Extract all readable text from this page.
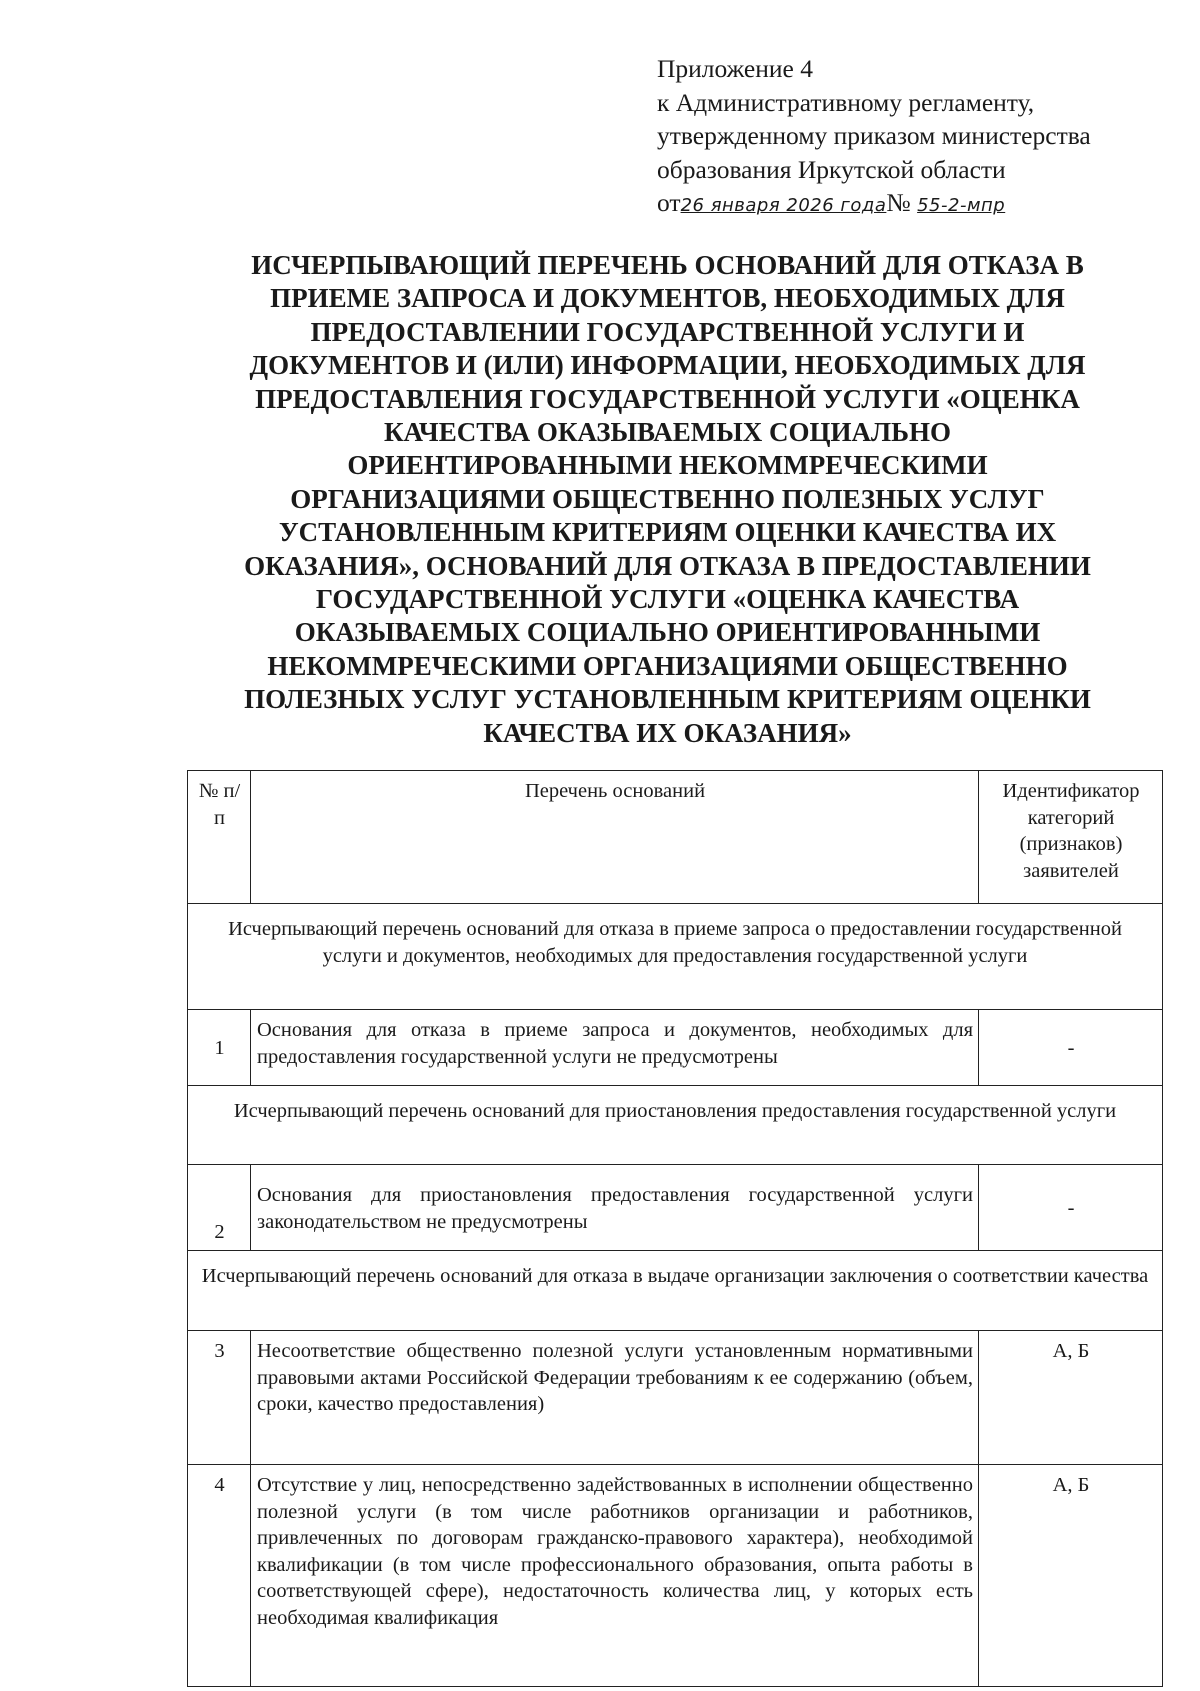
Приложение 4
к Административному регламенту,
утвержденному приказом министерства
образования Иркутской области
от26 января 2026 года№ 55-2-мпр
ИСЧЕРПЫВАЮЩИЙ ПЕРЕЧЕНЬ ОСНОВАНИЙ ДЛЯ ОТКАЗА В
ПРИЕМЕ ЗАПРОСА И ДОКУМЕНТОВ, НЕОБХОДИМЫХ ДЛЯ
ПРЕДОСТАВЛЕНИИ ГОСУДАРСТВЕННОЙ УСЛУГИ И
ДОКУМЕНТОВ И (ИЛИ) ИНФОРМАЦИИ, НЕОБХОДИМЫХ ДЛЯ
ПРЕДОСТАВЛЕНИЯ ГОСУДАРСТВЕННОЙ УСЛУГИ «ОЦЕНКА
КАЧЕСТВА ОКАЗЫВАЕМЫХ СОЦИАЛЬНО
ОРИЕНТИРОВАННЫМИ НЕКОММРЕЧЕСКИМИ
ОРГАНИЗАЦИЯМИ ОБЩЕСТВЕННО ПОЛЕЗНЫХ УСЛУГ
УСТАНОВЛЕННЫМ КРИТЕРИЯМ ОЦЕНКИ КАЧЕСТВА ИХ
ОКАЗАНИЯ», ОСНОВАНИЙ ДЛЯ ОТКАЗА В ПРЕДОСТАВЛЕНИИ
ГОСУДАРСТВЕННОЙ УСЛУГИ «ОЦЕНКА КАЧЕСТВА
ОКАЗЫВАЕМЫХ СОЦИАЛЬНО ОРИЕНТИРОВАННЫМИ
НЕКОММРЕЧЕСКИМИ ОРГАНИЗАЦИЯМИ ОБЩЕСТВЕННО
ПОЛЕЗНЫХ УСЛУГ УСТАНОВЛЕННЫМ КРИТЕРИЯМ ОЦЕНКИ
КАЧЕСТВА ИХ ОКАЗАНИЯ»
№ п/п	Перечень оснований	Идентификатор категорий (признаков) заявителей
Исчерпывающий перечень оснований для отказа в приеме запроса о предоставлении государственной услуги и документов, необходимых для предоставления государственной услуги		
1	Основания для отказа в приеме запроса и документов, необходимых для предоставления государственной услуги не предусмотрены	-
Исчерпывающий перечень оснований для приостановления предоставления государственной услуги		
2	Основания для приостановления предоставления государственной услуги законодательством не предусмотрены	-
Исчерпывающий перечень оснований для отказа в выдаче организации заключения о соответствии качества		
3	Несоответствие общественно полезной услуги установленным нормативными правовыми актами Российской Федерации требованиям к ее содержанию (объем, сроки, качество предоставления)	А, Б
4	Отсутствие у лиц, непосредственно задействованных в исполнении общественно полезной услуги (в том числе работников организации и работников, привлеченных по договорам гражданско-правового характера), необходимой квалификации (в том числе профессионального образования, опыта работы в соответствующей сфере), недостаточность количества лиц, у которых есть необходимая квалификация	А, Б
